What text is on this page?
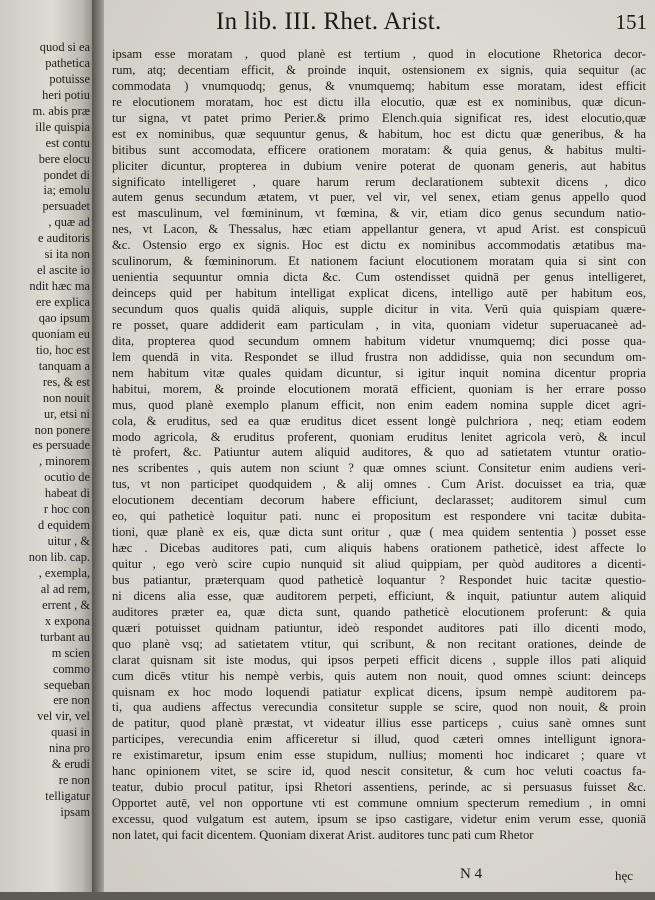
quod si ea
pathetica
potuisse
heri potiu
m. abis præ
ille quispia
est contu
bere elocu
pondet di
ia; emolu
persuadet
, quæ ad
e auditoris
si ita non
el ascite io
ndit hæc ma
ere explica
qao ipsum
quoniam eu
tio, hoc est
tanquam a
res, & est
non nouit
ur, etsi ni
non ponere
es persuade
, minorem
ocutio de
habeat di
r hoc con
d equidem
uitur , &
non lib. cap.
, exempla,
al ad rem,
errent , &
x expona
turbant au
m scien
commo
sequeban
ere non
vel vir, vel
quasi in
nina pro
& erudi
re non
telligatur
ipsam
In lib. III. Rhet. Arist.	151
ipsam esse moratam , quod planè est tertium , quod in elocutione Rhetorica decor-
rum, atq; decentiam efficit, & proinde inquit, ostensionem ex signis, quia sequitur (ac
commodata ) vnumquodq; genus, & vnumquemq; habitum esse moratam, idest efficit
re elocutionem moratam, hoc est dictu illa elocutio, quæ est ex nominibus, quæ dicun-
tur signa, vt patet primo Perier.& primo Elench.quia significat res, idest elocutio,quæ
est ex nominibus, quæ sequuntur genus, & habitum, hoc est dictu quæ generibus, & ha
bitibus sunt accomodata, efficere orationem moratam: & quia genus, & habitus multi-
pliciter dicuntur, propterea in dubium venire poterat de quonam generis, aut habitus
significato intelligeret , quare harum rerum declarationem subtexit dicens , dico
autem genus secundum ætatem, vt puer, vel vir, vel senex, etiam genus appello quod
est masculinum, vel fœmininum, vt fœmina, & vir, etiam dico genus secundum natio-
nes, vt Lacon, & Thessalus, hæc etiam appellantur genera, vt apud Arist. est conspicuū
&c. Ostensio ergo ex signis. Hoc est dictu ex nominibus accommodatis ætatibus ma-
sculinorum, & fœmininorum. Et nationem faciunt elocutionem moratam quia si sint con
uenientia sequuntur omnia dicta &c. Cum ostendisset quidnā per genus intelligeret,
deinceps quid per habitum intelligat explicat dicens, intelligo autē per habitum eos,
secundum quos qualis quidā aliquis, supple dicitur in vita. Verū quia quispiam quære-
re posset, quare addiderit eam particulam , in vita, quoniam videtur superuacaneè ad-
dita, propterea quod secundum omnem habitum videtur vnumquemq; dici posse qua-
lem quendā in vita. Respondet se illud frustra non addidisse, quia non secundum om-
nem habitum vitæ quales quidam dicuntur, si igitur inquit nomina dicentur propria
habitui, morem, & proinde elocutionem moratā efficient, quoniam is her errare posso
mus, quod planè exemplo planum efficit, non enim eadem nomina supple dicet agri-
cola, & eruditus, sed ea quæ eruditus dicet essent longè pulchriora , neq; etiam eodem
modo agricola, & eruditus proferent, quoniam eruditus lenitet agricola verò, & incul
tè profert, &c. Patiuntur autem aliquid auditores, & quo ad satietatem vtuntur oratio-
nes scribentes , quis autem non sciunt ? quæ omnes sciunt. Consitetur enim audiens veri-
tus, vt non participet quodquidem , & alij omnes . Cum Arist. docuisset ea tria, quæ
elocutionem decentiam decorum habere efficiunt, declarasset; auditorem simul cum
eo, qui patheticè loquitur pati. nunc ei propositum est respondere vni tacitæ dubita-
tioni, quæ planè ex eis, quæ dicta sunt oritur , quæ ( mea quidem sententia ) posset esse
hæc . Dicebas auditores pati, cum aliquis habens orationem patheticè, idest affecte lo
quitur , ego verò scire cupio nunquid sit aliud quippiam, per quòd auditores a dicenti-
bus patiantur, præterquam quod patheticè loquantur ? Respondet huic tacitæ questio-
ni dicens alia esse, quæ auditorem perpeti, efficiunt, & inquit, patiuntur autem aliquid
auditores præter ea, quæ dicta sunt, quando patheticè elocutionem proferunt: & quia
quæri potuisset quidnam patiuntur, ideò respondet auditores pati illo dicenti modo,
quo planè vsq; ad satietatem vtitur, qui scribunt, & non recitant orationes, deinde de
clarat quisnam sit iste modus, qui ipsos perpeti efficit dicens , supple illos pati aliquid
cum dicēs vtitur his nempè verbis, quis autem non nouit, quod omnes sciunt: deinceps
quisnam ex hoc modo loquendi patiatur explicat dicens, ipsum nempè auditorem pa-
ti, qua audiens affectus verecundia consitetur supple se scire, quod non nouit, & proin
de patitur, quod planè præstat, vt videatur illius esse particeps , cuius sanè omnes sunt
participes, verecundia enim afficeretur si illud, quod cæteri omnes intelligunt ignora-
re existimaretur, ipsum enim esse stupidum, nullius; momenti hoc indicaret ; quare vt
hanc opinionem vitet, se scire id, quod nescit consitetur, & cum hoc veluti coactus fa-
teatur, dubio procul patitur, ipsi Rhetori assentiens, perinde, ac si persuasus fuisset &c.
Opportet autē, vel non opportune vti est commune omnium specterum remedium , in omni
excessu, quod vulgatum est autem, ipsum se ipso castigare, videtur enim verum esse, quoniā
non latet, qui facit dicentem. Quoniam dixerat Arist. auditores tunc pati cum Rhetor
N 4	hęc
